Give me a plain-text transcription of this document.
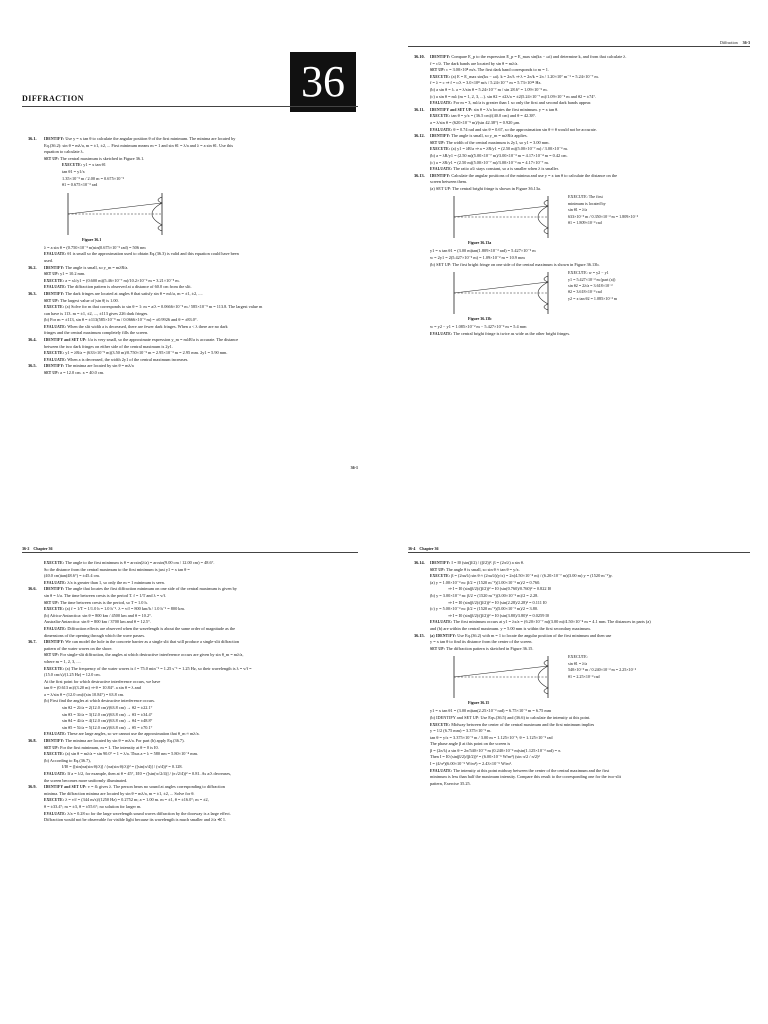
36
DIFFRACTION
36.1. IDENTIFY: Use y = x tan θ to calculate the angular position θ of the first minimum. The minima are located by
Eq.(36.2): sin θ = mλ/a, m = ±1, ±2, ... First minimum means m = 1 and sin θ1 = λ/a and λ = a sin θ1. Use this
equation to calculate λ.
SET UP: The central maximum is sketched in Figure 36.1.
EXECUTE: y1 = x tan θ1
tan θ1 = y1/x
1.35×10⁻³ m / 2.00 m = 0.675×10⁻³
θ1 = 0.675×10⁻³ rad
Figure 36.1
λ = a sin θ = (0.750×10⁻³ m)sin(0.675×10⁻³ rad) = 506 nm
EVALUATE: θ1 is small so the approximation used to obtain Eq.(36.3) is valid and this equation could have been
used.
36.2. IDENTIFY: The angle is small, so y_m = mλR/a.
SET UP: y1 = 10.2 mm.
EXECUTE: a = xλ/y1 = (0.600 m)(5.46×10⁻⁷ m)/10.2×10⁻³ m = 3.21×10⁻⁵ m.
EVALUATE: The diffraction pattern is observed at a distance of 60.0 cm from the slit.
36.3. IDENTIFY: The dark fringes are located at angles θ that satisfy sin θ = mλ/a, m = ±1, ±2, ....
SET UP: The largest value of |sin θ| is 1.00.
EXECUTE: (a) Solve for m that corresponds to sin θ = 1: m = a/λ = 0.0666×10⁻³ m / 585×10⁻⁹ m = 113.8. The largest value m
can have is 113. m = ±1, ±2, ..., ±113 gives 226 dark fringes.
(b) For m = ±113, sin θ = ±113(585×10⁻⁹ m / 0.0666×10⁻³ m) = ±0.9926 and θ = ±83.0°.
EVALUATE: When the slit width a is decreased, there are fewer dark fringes. When a < λ there are no dark
fringes and the central maximum completely fills the screen.
36.4. IDENTIFY and SET UP: λ/a is very small, so the approximate expression y_m = mλR/a is accurate. The distance
between the two dark fringes on either side of the central maximum is 2y1.
EXECUTE: y1 = λR/a = (633×10⁻⁹ m)(3.50 m)/0.750×10⁻³ m = 2.95×10⁻³ m = 2.95 mm. 2y1 = 5.90 mm.
EVALUATE: When a is decreased, the width 2y1 of the central maximum increases.
36.5. IDENTIFY: The minima are located by sin θ = mλ/a
SET UP: a = 12.0 cm. x = 40.0 cm.
36-1
Diffraction 36-3
36.10. IDENTIFY: Compare E_p to the expression E_p = E_max sin(kx − ωt) and determine k, and from that calculate λ.
f = c/λ. The dark bands are located by sin θ = mλ/a.
SET UP: c = 3.00×10⁸ m/s. The first dark band corresponds to m = 1.
EXECUTE: (a) E = E_max sin(kx − ωt). k = 2π/λ ⇒ λ = 2π/k = 2π / 1.20×10⁷ m⁻¹ = 5.24×10⁻⁷ m.
f = λ = c ⇒ f = c/λ = 3.0×10⁸ m/s / 5.24×10⁻⁷ m = 5.73×10¹⁴ Hz.
(b) a sin θ = λ. a = λ/sin θ = 5.24×10⁻⁷ m / sin 28.6° = 1.09×10⁻⁶ m.
(c) a sin θ = mλ (m = 1, 2, 3, ...). sin θ2 = ±2λ/a = ±2(5.24×10⁻⁷ m)/1.09×10⁻⁶ m and θ2 = ±74°.
EVALUATE: For m = 3, mλ/a is greater than 1 so only the first and second dark bands appear.
36.11. IDENTIFY and SET UP: sin θ = λ/a locates the first minimum. y = x tan θ.
EXECUTE: tan θ = y/x = (36.5 cm)/(40.0 cm) and θ = 42.38°.
a = λ/sin θ = (620×10⁻⁹ m)/(sin 42.38°) = 0.920 μm.
EVALUATE: θ = 0.74 rad and sin θ = 0.67, so the approximation sin θ ≈ θ would not be accurate.
36.12. IDENTIFY: The angle is small, so y_m = mλR/a applies.
SET UP: The width of the central maximum is 2y1, so y1 = 3.00 mm.
EXECUTE: (a) y1 = λR/a ⇒ a = λR/y1 = (2.50 m)(5.00×10⁻⁷ m) / 3.00×10⁻³ m.
(b) a = λR/y1 = (2.50 m)(5.00×10⁻⁷ m)/3.00×10⁻³ m = 4.17×10⁻⁴ m = 0.42 cm.
(c) a = λR/y1 = (2.50 m)(5.00×10⁻⁷ m)/3.00×10⁻³ m = 4.17×10⁻⁷ m.
EVALUATE: The ratio a/λ stays constant, so a is smaller when λ is smaller.
36.13. IDENTIFY: Calculate the angular positions of the minima and use y = x tan θ to calculate the distance on the
screen between them.
(a) SET UP: The central bright fringe is shown in Figure 36.13a.
EXECUTE: The first
minimum is located by
sin θ1 = λ/a
633×10⁻⁹ m / 0.350×10⁻³ m = 1.809×10⁻³
θ1 = 1.809×10⁻³ rad
Figure 36.13a
y1 = x tan θ1 = (3.00 m)tan(1.809×10⁻³ rad) = 5.427×10⁻³ m
w = 2y1 = 2(5.427×10⁻³ m) = 1.09×10⁻² m = 10.9 mm
(b) SET UP: The first bright fringe on one side of the central maximum is shown in Figure 36.13b.
EXECUTE: w = y2 − y1
y1 = 5.427×10⁻³ m (part (a))
sin θ2 = 2λ/a = 3.618×10⁻³
θ2 = 3.618×10⁻³ rad
y2 = x tan θ2 = 1.085×10⁻² m
Figure 36.13b
w = y2 − y1 = 1.085×10⁻² m − 5.427×10⁻³ m = 5.4 mm
EVALUATE: The central bright fringe is twice as wide as the other bright fringes.
36-2 Chapter 36
EXECUTE: The angle to the first minimum is θ = arcsin(λ/a) = arcsin(9.00 cm / 12.00 cm) = 48.6°.
So the distance from the central maximum to the first minimum is just y1 = x tan θ =
(40.0 cm)tan(48.6°) = ±45.4 cm.
EVALUATE: λ/a is greater than 1, so only the m = 1 minimum is seen.
36.6. IDENTIFY: The angle that locates the first diffraction minimum on one side of the central maximum is given by
sin θ = λ/a. The time between crests is the period T. f = 1/T and λ = v/f.
SET UP: The time between crests is the period, so T = 1.0 h.
EXECUTE: (a) f = 1/T = 1/1.0 h = 1.0 h⁻¹. λ = v/f = 800 km/h / 1.0 h⁻¹ = 800 km.
(b) Africa-Antarctica: sin θ = 800 km / 4500 km and θ = 10.2°.
Australia-Antarctica: sin θ = 800 km / 3700 km and θ = 12.5°.
EVALUATE: Diffraction effects are observed when the wavelength is about the same order of magnitude as the
dimensions of the opening through which the wave passes.
36.7. IDENTIFY: We can model the hole in the concrete barrier as a single slit that will produce a single-slit diffraction
pattern of the water waves on the shore.
SET UP: For single-slit diffraction, the angles at which destructive interference occurs are given by sin θ_m = mλ/a,
where m = 1, 2, 3, ....
EXECUTE: (a) The frequency of the water waves is f = 75.0 min⁻¹ = 1.25 s⁻¹ = 1.25 Hz, so their wavelength is λ = v/f =
(15.0 cm/s)/(1.25 Hz) = 12.0 cm.
At the first point for which destructive interference occurs, we have
tan θ = (0.613 m)/(3.20 m) ⇒ θ = 10.84°. a sin θ = λ and
a = λ/sin θ = (12.0 cm)/(sin 10.84°) = 63.8 cm.
(b) First find the angles at which destructive interference occurs.
sin θ2 = 2λ/a = 2(12.0 cm)/(63.8 cm) → θ2 = ±22.1°
sin θ3 = 3λ/a = 3(12.0 cm)/(63.8 cm) → θ3 = ±34.4°
sin θ4 = 4λ/a = 4(12.0 cm)/(63.8 cm) → θ4 = ±48.8°
sin θ5 = 5λ/a = 5(12.0 cm)/(63.8 cm) → θ5 = ±70.1°
EVALUATE: These are large angles, so we cannot use the approximation that θ_m ≈ mλ/a.
36.8. IDENTIFY: The minima are located by sin θ = mλ/a. For part (b) apply Eq.(36.7).
SET UP: For the first minimum, m = 1. The intensity at θ = 0 is I0.
EXECUTE: (a) sin θ = mλ/a = sin 90.0° = 1 = λ/a. Thus a = λ = 580 nm = 5.80×10⁻⁴ mm.
(b) According to Eq.(36.7),
I/I0 = ([sin(πa(sin θ)/λ)] / (πa(sin θ)/λ))² = ([sin(π/4)] / (π/4))² = 0.128.
EVALUATE: If a = λ/2, for example, then at θ = 45°, I/I0 = ([sin(π√2/4)] / (π√2/4))² = 0.81. As a/λ decreases,
the screen becomes more uniformly illuminated.
36.9. IDENTIFY and SET UP: v = fλ gives λ. The person hears no sound at angles corresponding to diffraction
minima. The diffraction minima are located by sin θ = mλ/a, m = ±1, ±2, ... Solve for θ.
EXECUTE: λ = v/f = (344 m/s)/(1250 Hz) = 0.2752 m; a = 1.00 m. m = ±1, θ = ±16.0°; m = ±2,
θ = ±33.4°; m = ±3, θ = ±55.6°; no solution for larger m.
EVALUATE: λ/a = 0.28 so for the large wavelength sound waves diffraction by the doorway is a large effect.
Diffraction would not be observable for visible light because its wavelength is much smaller and λ/a ≪ 1.
36-4 Chapter 36
36.14. IDENTIFY: I = I0 (sin(β/2) / (β/2))². β = (2π/λ) a sin θ.
SET UP: The angle θ is small, so sin θ ≈ tan θ = y/x.
EXECUTE: β = (2πa/λ) sin θ ≈ (2πa/λ)(y/x) = 2π(4.50×10⁻⁴ m) / (6.20×10⁻⁷ m)(3.00 m) y = (1520 m⁻¹)y.
(a) y = 1.00×10⁻³ m: β/2 = (1520 m⁻¹)(1.00×10⁻³ m)/2 = 0.760.
⇒ I = I0 (sin(β/2)/(β/2))² = I0 (sin(0.760)/0.760)² = 0.822 I0
(b) y = 3.00×10⁻³ m: β/2 = (1520 m⁻¹)(3.00×10⁻³ m)/2 = 2.28.
⇒ I = I0 (sin(β/2)/(β/2))² = I0 (sin(2.28)/2.28)² = 0.111 I0
(c) y = 5.00×10⁻³ m: β/2 = (1520 m⁻¹)(5.00×10⁻³ m)/2 = 3.80.
⇒ I = I0 (sin(β/2)/(β/2))² = I0 (sin(3.80)/3.80)² = 0.0259 I0
EVALUATE: The first minimum occurs at y1 = λx/a = (6.20×10⁻⁷ m)(3.00 m)/4.50×10⁻⁴ m = 4.1 mm. The distances in parts (a)
and (b) are within the central maximum. y = 5.00 mm is within the first secondary maximum.
36.15. (a) IDENTIFY: Use Eq.(36.2) with m = 1 to locate the angular position of the first minimum and then use
y = x tan θ to find its distance from the center of the screen.
SET UP: The diffraction pattern is sketched in Figure 36.15.
EXECUTE:
sin θ1 = λ/a
540×10⁻⁹ m / 0.240×10⁻³ m = 2.25×10⁻³
θ1 = 2.25×10⁻³ rad
Figure 36.15
y1 = x tan θ1 = (3.00 m)tan(2.25×10⁻³ rad) = 6.75×10⁻³ m = 6.75 mm
(b) IDENTIFY and SET UP: Use Eqs.(36.5) and (36.6) to calculate the intensity at this point.
EXECUTE: Midway between the center of the central maximum and the first minimum implies
y = 1/2 (6.75 mm) = 3.375×10⁻³ m.
tan θ = y/x = 3.375×10⁻³ m / 3.00 m = 1.125×10⁻³; θ = 1.125×10⁻³ rad
The phase angle β at this point on the screen is
β = (2π/λ) a sin θ = 2π/540×10⁻⁹ m (0.240×10⁻³ m)sin(1.125×10⁻³ rad) = π.
Then I = I0 (sin(β/2)/(β/2))² = (6.00×10⁻⁶ W/m²) (sin π/2 / π/2)²
I = (4/π²)(6.00×10⁻⁶ W/m²) = 2.43×10⁻⁶ W/m².
EVALUATE: The intensity at this point midway between the center of the central maximum and the first
minimum is less than half the maximum intensity. Compare this result to the corresponding one for the two-slit
pattern, Exercise 35.25.
